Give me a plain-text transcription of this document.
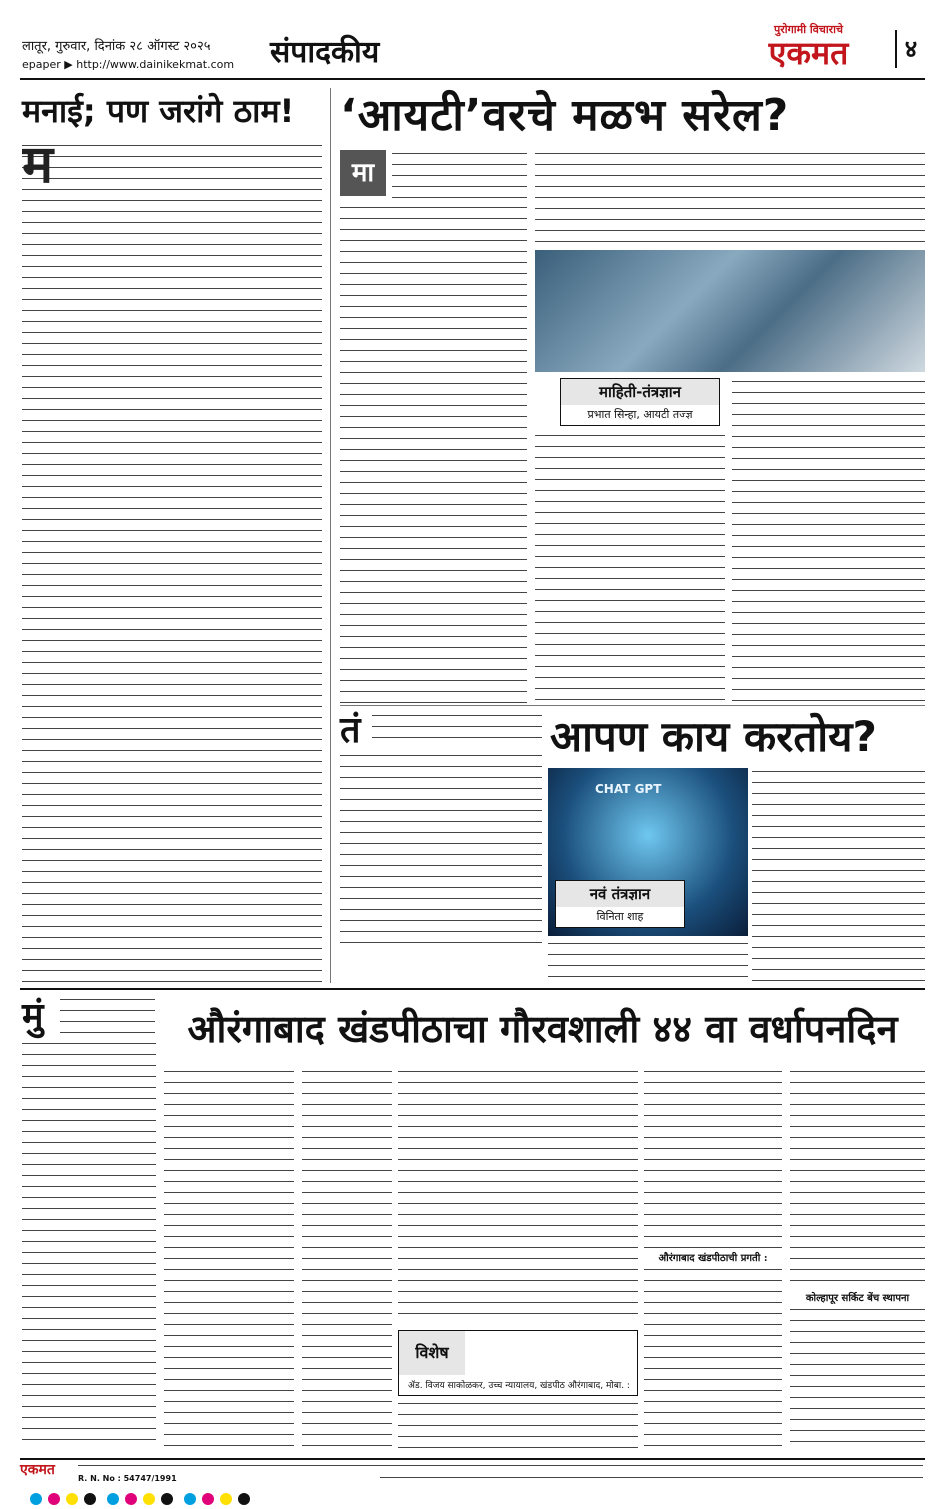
लातूर, गुरुवार, दिनांक २८ ऑगस्ट २०२५
epaper ▶ http://www.dainikekmat.com संपादकीय
पुरोगामी विचाराचे
एकमत	४
मनाई; पण जरांगे ठाम!
म
‘आयटी’वरचे मळभ सरेल?
मा
माहिती-तंत्रज्ञान
प्रभात सिन्हा, आयटी तज्ज्ञ
तं	आपण काय करतोय?
CHAT GPT
नवं तंत्रज्ञान
विनिता शाह
मुं	औरंगाबाद खंडपीठाचा गौरवशाली ४४ वा वर्धापनदिन
विशेष
ॲड. विजय साकोळकर, उच्च न्यायालय, खंडपीठ औरंगाबाद, मोबा. :
औरंगाबाद खंडपीठाची प्रगती :
कोल्हापूर सर्किट बेंच स्थापना
एकमत
R. N. No : 54747/1991
